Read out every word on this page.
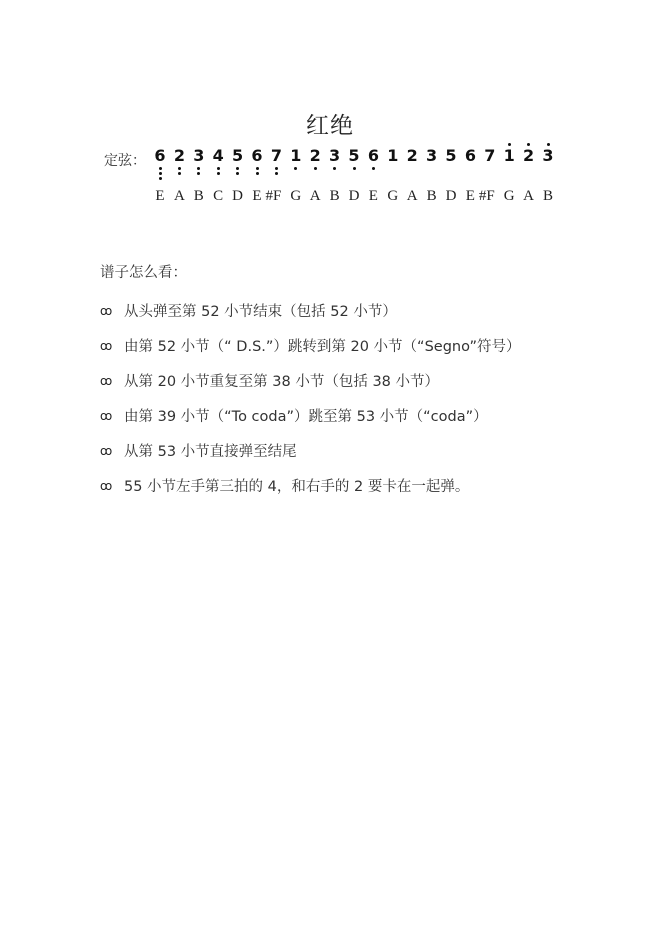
红绝
定弦： 6 2 3 4 5 6 7 1 2 3 5 6 1 2 3 5 6 7 1 2 3
E A B C D E #F G A B D E G A B D E #F G A B
谱子怎么看：
ꝏ 从头弹至第 52 小节结束（包括 52 小节）
ꝏ 由第 52 小节（“ D.S.”）跳转到第 20 小节（“Segno”符号）
ꝏ 从第 20 小节重复至第 38 小节（包括 38 小节）
ꝏ 由第 39 小节（“To coda”）跳至第 53 小节（“coda”）
ꝏ 从第 53 小节直接弹至结尾
ꝏ 55 小节左手第三拍的 4，和右手的 2 要卡在一起弹。
